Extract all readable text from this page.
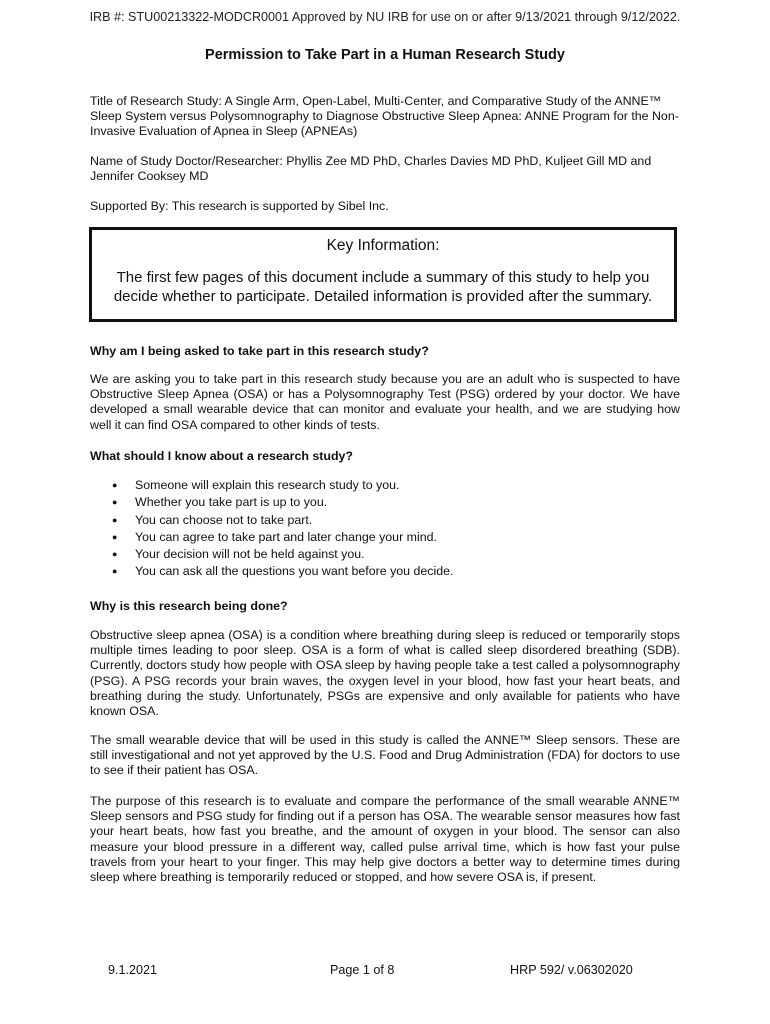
IRB #: STU00213322-MODCR0001 Approved by NU IRB for use on or after 9/13/2021 through 9/12/2022.
Permission to Take Part in a Human Research Study

Title of Research Study: A Single Arm, Open-Label, Multi-Center, and Comparative Study of the ANNE™ Sleep System versus Polysomnography to Diagnose Obstructive Sleep Apnea: ANNE Program for the Non-Invasive Evaluation of Apnea in Sleep (APNEAs)

Name of Study Doctor/Researcher: Phyllis Zee MD PhD, Charles Davies MD PhD, Kuljeet Gill MD and Jennifer Cooksey MD

Supported By: This research is supported by Sibel Inc.

Key Information:
The first few pages of this document include a summary of this study to help you decide whether to participate. Detailed information is provided after the summary.
Why am I being asked to take part in this research study?

We are asking you to take part in this research study because you are an adult who is suspected to have Obstructive Sleep Apnea (OSA) or has a Polysomnography Test (PSG) ordered by your doctor. We have developed a small wearable device that can monitor and evaluate your health, and we are studying how well it can find OSA compared to other kinds of tests.

What should I know about a research study?
● Someone will explain this research study to you.
● Whether you take part is up to you.
● You can choose not to take part.
● You can agree to take part and later change your mind.
● Your decision will not be held against you.
● You can ask all the questions you want before you decide.
Why is this research being done?

Obstructive sleep apnea (OSA) is a condition where breathing during sleep is reduced or temporarily stops multiple times leading to poor sleep. OSA is a form of what is called sleep disordered breathing (SDB). Currently, doctors study how people with OSA sleep by having people take a test called a polysomnography (PSG). A PSG records your brain waves, the oxygen level in your blood, how fast your heart beats, and breathing during the study. Unfortunately, PSGs are expensive and only available for patients who have known OSA.

The small wearable device that will be used in this study is called the ANNE™ Sleep sensors. These are still investigational and not yet approved by the U.S. Food and Drug Administration (FDA) for doctors to use to see if their patient has OSA.

The purpose of this research is to evaluate and compare the performance of the small wearable ANNE™ Sleep sensors and PSG study for finding out if a person has OSA. The wearable sensor measures how fast your heart beats, how fast you breathe, and the amount of oxygen in your blood. The sensor can also measure your blood pressure in a different way, called pulse arrival time, which is how fast your pulse travels from your heart to your finger. This may help give doctors a better way to determine times during sleep where breathing is temporarily reduced or stopped, and how severe OSA is, if present.

9.1.2021	Page 1 of 8	HRP 592/ v.06302020
